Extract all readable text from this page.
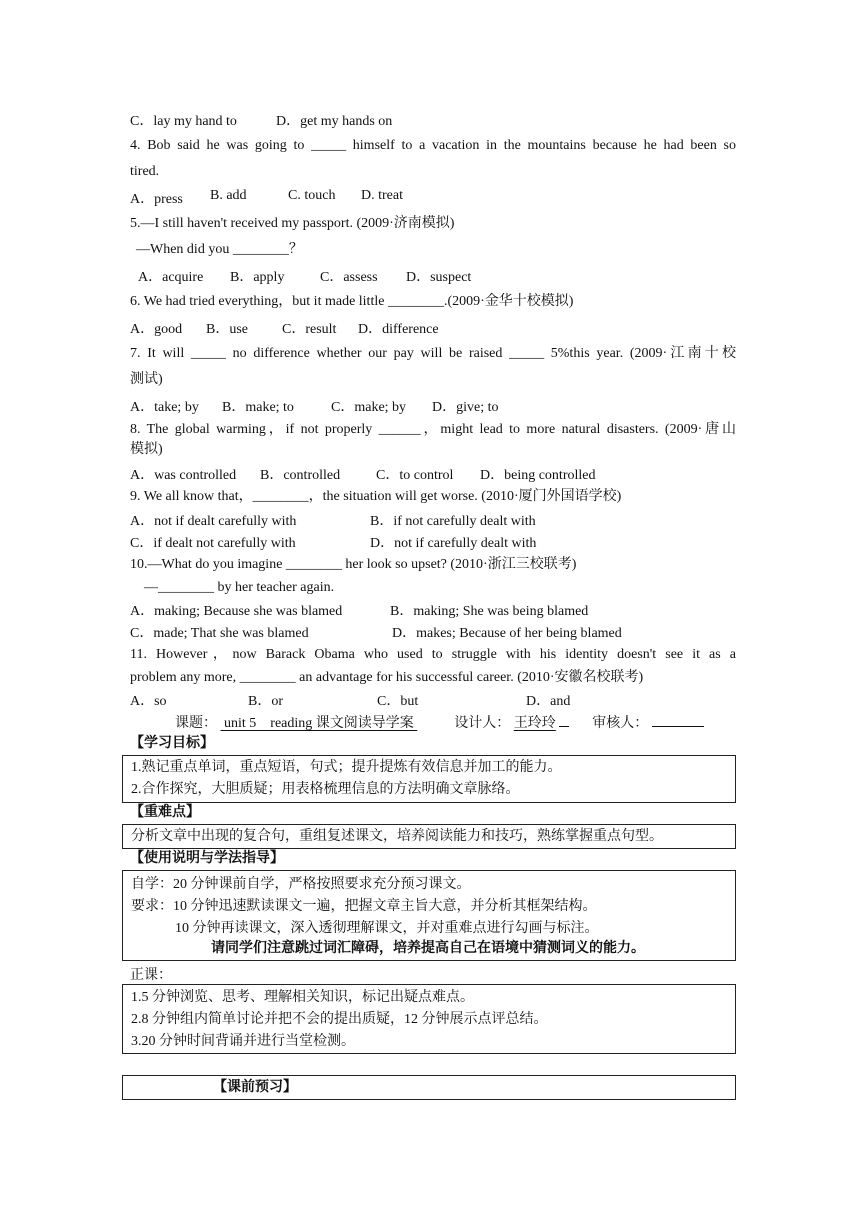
C．lay my hand to	D．get my hands on
4. Bob said he was going to _____ himself to a vacation in the mountains because he had been so
tired.
A．press B. add	C. touch D. treat
5.—I still haven't received my passport. (2009·济南模拟)
—When did you ________？
A．acquire B．apply	C．assess D．suspect
6. We had tried everything，but it made little ________.(2009·金华十校模拟)
A．good B．use C．result D．difference
7. It will _____ no difference whether our pay will be raised _____ 5%this year. (2009·江南十校
测试)
A．take; by B．make; to	C．make; by D．give; to
8. The global warming，if not properly ______，might lead to more natural disasters. (2009·唐山
模拟)
A．was controlled B．controlled	C．to control D．being controlled
9. We all know that，________，the situation will get worse. (2010·厦门外国语学校)
A．not if dealt carefully with	B．if not carefully dealt with
C．if dealt not carefully with	D．not if carefully dealt with
10.—What do you imagine ________ her look so upset? (2010·浙江三校联考)
—________ by her teacher again.
A．making; Because she was blamed	B．making; She was being blamed
C．made; That she was blamed	D．makes; Because of her being blamed
11. However，now Barack Obama who used to struggle with his identity doesn't see it as a
problem any more, ________ an advantage for his successful career. (2010·安徽名校联考)
A．so	B．or	C．but	D．and
课题：  unit 5    reading 课文阅读导学案	设计人： 王玲玲	审核人：
【学习目标】
1.熟记重点单词，重点短语，句式；提升提炼有效信息并加工的能力。
2.合作探究，大胆质疑；用表格梳理信息的方法明确文章脉络。
【重难点】
分析文章中出现的复合句，重组复述课文，培养阅读能力和技巧，熟练掌握重点句型。
【使用说明与学法指导】
自学：20 分钟课前自学，严格按照要求充分预习课文。
要求：10 分钟迅速默读课文一遍，把握文章主旨大意，并分析其框架结构。
10 分钟再读课文，深入透彻理解课文，并对重难点进行勾画与标注。
请同学们注意跳过词汇障碍，培养提高自己在语境中猜测词义的能力。
正课：
1.5 分钟浏览、思考、理解相关知识，标记出疑点难点。
2.8 分钟组内简单讨论并把不会的提出质疑，12 分钟展示点评总结。
3.20 分钟时间背诵并进行当堂检测。
【课前预习】
